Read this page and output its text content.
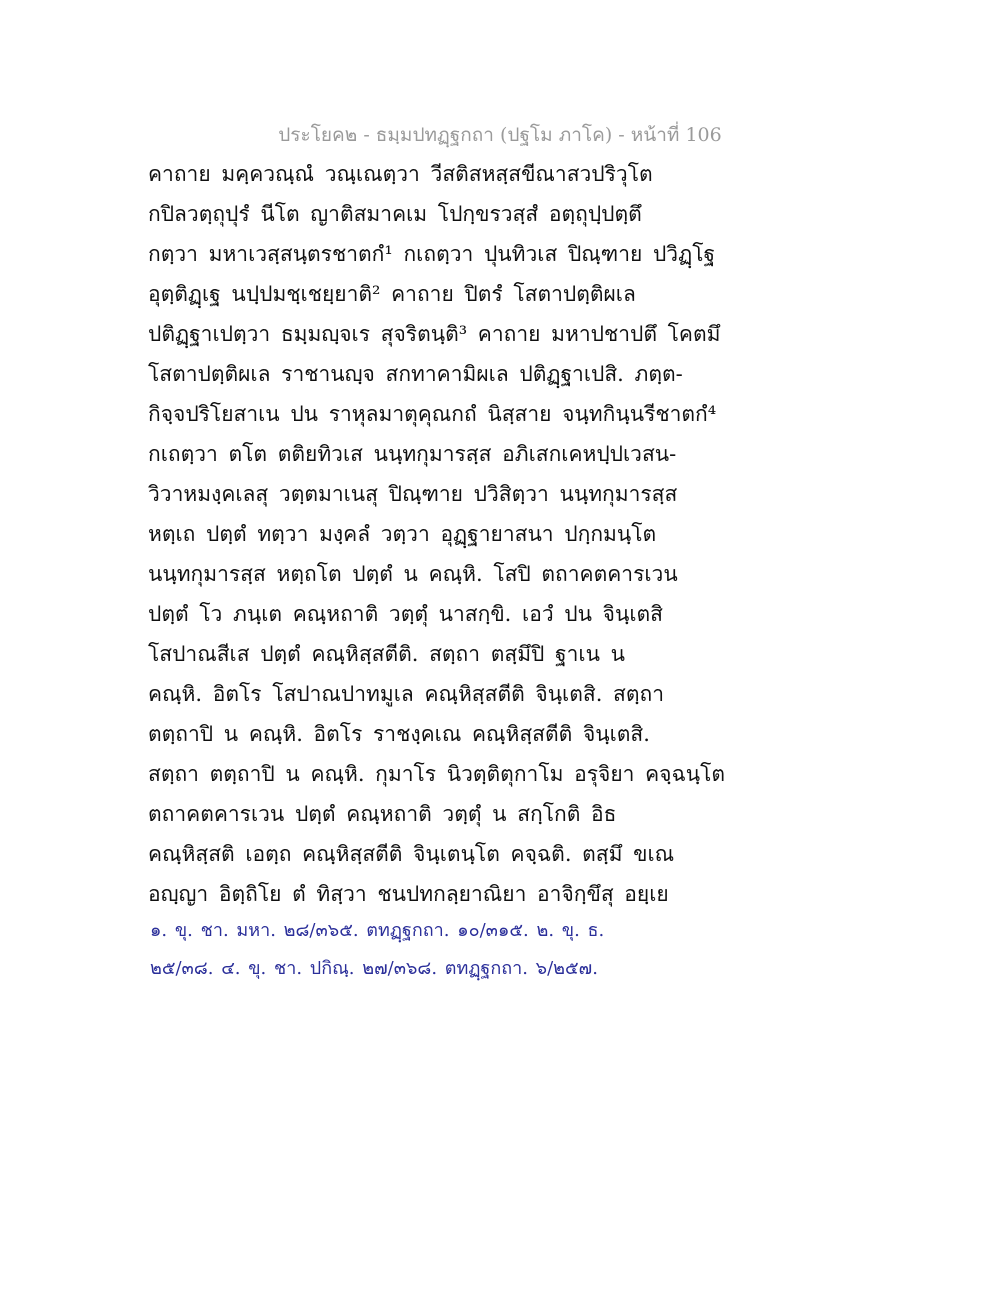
ประโยค๒ - ธมฺมปทฏฺฐกถา (ปฐโม ภาโค) - หน้าที่ 106
คาถาย มคฺควณฺณํ วณฺเณตฺวา วีสติสหสฺสขีณาสวปริวุโต
กปิลวตฺถุปุรํ นีโต ญาติสมาคเม โปกฺขรวสฺสํ อตฺถุปฺปตฺตึ
กตฺวา มหาเวสฺสนฺตรชาตกํ¹ กเถตฺวา ปุนทิวเส ปิณฺฑาย ปวิฏฺโฐ
อุตฺติฏฺเฐ นปฺปมชฺเชยฺยาติ² คาถาย ปิตรํ โสตาปตฺติผเล
ปติฏฺฐาเปตฺวา ธมฺมญฺจเร สุจริตนฺติ³ คาถาย มหาปชาปตึ โคตมึ
โสตาปตฺติผเล ราชานญฺจ สกทาคามิผเล ปติฏฺฐาเปสิ. ภตฺต-
กิจฺจปริโยสาเน ปน ราหุลมาตุคุณกถํ นิสฺสาย จนฺทกินฺนรีชาตกํ⁴
กเถตฺวา ตโต ตติยทิวเส นนฺทกุมารสฺส อภิเสกเคหปฺปเวสน-
วิวาหมงฺคเลสุ วตฺตมาเนสุ ปิณฺฑาย ปวิสิตฺวา นนฺทกุมารสฺส
หตฺเถ ปตฺตํ ทตฺวา มงฺคลํ วตฺวา อุฏฺฐายาสนา ปกฺกมนฺโต
นนฺทกุมารสฺส หตฺถโต ปตฺตํ น คณฺหิ. โสปิ ตถาคตคารเวน
ปตฺตํ โว ภนฺเต คณฺหถาติ วตฺตุํ นาสกฺขิ. เอวํ ปน จินฺเตสิ
โสปาณสีเส ปตฺตํ คณฺหิสฺสตีติ. สตฺถา ตสฺมึปิ ฐาเน น
คณฺหิ. อิตโร โสปาณปาทมูเล คณฺหิสฺสตีติ จินฺเตสิ. สตฺถา
ตตฺถาปิ น คณฺหิ. อิตโร ราชงฺคเณ คณฺหิสฺสตีติ จินฺเตสิ.
สตฺถา ตตฺถาปิ น คณฺหิ. กุมาโร นิวตฺติตุกาโม อรุจิยา คจฺฉนฺโต
ตถาคตคารเวน ปตฺตํ คณฺหถาติ วตฺตุํ น สกฺโกติ อิธ
คณฺหิสฺสติ เอตฺถ คณฺหิสฺสตีติ จินฺเตนฺโต คจฺฉติ. ตสฺมึ ขเณ
อญฺญา อิตฺถิโย ตํ ทิสฺวา ชนปทกลฺยาณิยา อาจิกฺขึสุ อยฺเย
๑. ขุ. ชา. มหา. ๒๘/๓๖๕. ตทฏฺฐกถา. ๑๐/๓๑๕. ๒. ขุ. ธ.
๒๕/๓๘. ๔. ขุ. ชา. ปกิณฺ. ๒๗/๓๖๘. ตทฏฺฐกถา. ๖/๒๕๗.
